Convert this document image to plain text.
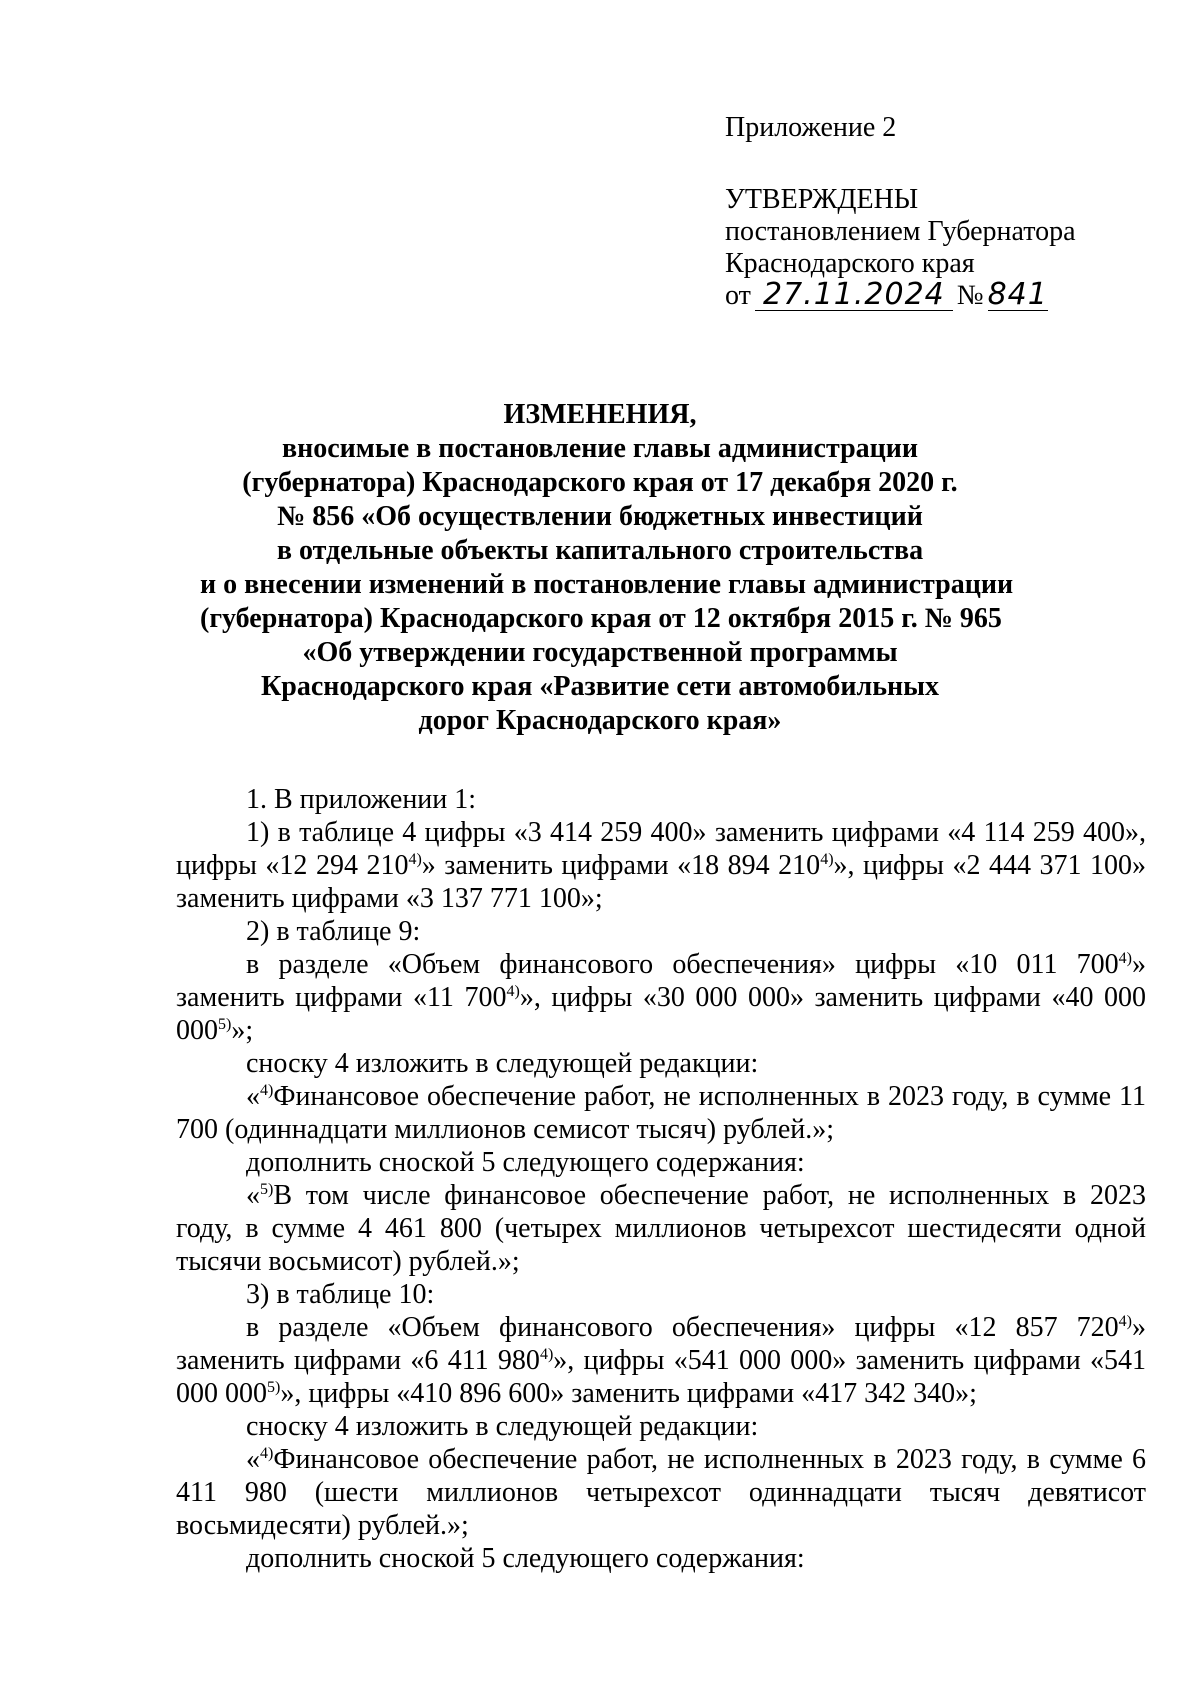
Приложение 2
УТВЕРЖДЕНЫ
постановлением Губернатора
Краснодарского края
от 27.11.2024 № 841
ИЗМЕНЕНИЯ,
вносимые в постановление главы администрации
(губернатора) Краснодарского края от 17 декабря 2020 г.
№ 856 «Об осуществлении бюджетных инвестиций
в отдельные объекты капитального строительства
и о внесении изменений в постановление главы администрации
(губернатора) Краснодарского края от 12 октября 2015 г. № 965
«Об утверждении государственной программы
Краснодарского края «Развитие сети автомобильных
дорог Краснодарского края»
1. В приложении 1:
1) в таблице 4 цифры «3 414 259 400» заменить цифрами «4 114 259 400», цифры «12 294 210$^{4)}$» заменить цифрами «18 894 210$^{4)}$», цифры «2 444 371 100» заменить цифрами «3 137 771 100»;
2) в таблице 9:
в разделе «Объем финансового обеспечения» цифры «10 011 700$^{4)}$» заменить цифрами «11 700$^{4)}$», цифры «30 000 000» заменить цифрами «40 000 000$^{5)}$»;
сноску 4 изложить в следующей редакции:
«$^{4)}$Финансовое обеспечение работ, не исполненных в 2023 году, в сумме 11 700 (одиннадцати миллионов семисот тысяч) рублей.»;
дополнить сноской 5 следующего содержания:
«$^{5)}$В том числе финансовое обеспечение работ, не исполненных в 2023 году, в сумме 4 461 800 (четырех миллионов четырехсот шестидесяти одной тысячи восьмисот) рублей.»;
3) в таблице 10:
в разделе «Объем финансового обеспечения» цифры «12 857 720$^{4)}$» заменить цифрами «6 411 980$^{4)}$», цифры «541 000 000» заменить цифрами «541 000 000$^{5)}$», цифры «410 896 600» заменить цифрами «417 342 340»;
сноску 4 изложить в следующей редакции:
«$^{4)}$Финансовое обеспечение работ, не исполненных в 2023 году, в сумме 6 411 980 (шести миллионов четырехсот одиннадцати тысяч девятисот восьмидесяти) рублей.»;
дополнить сноской 5 следующего содержания:
